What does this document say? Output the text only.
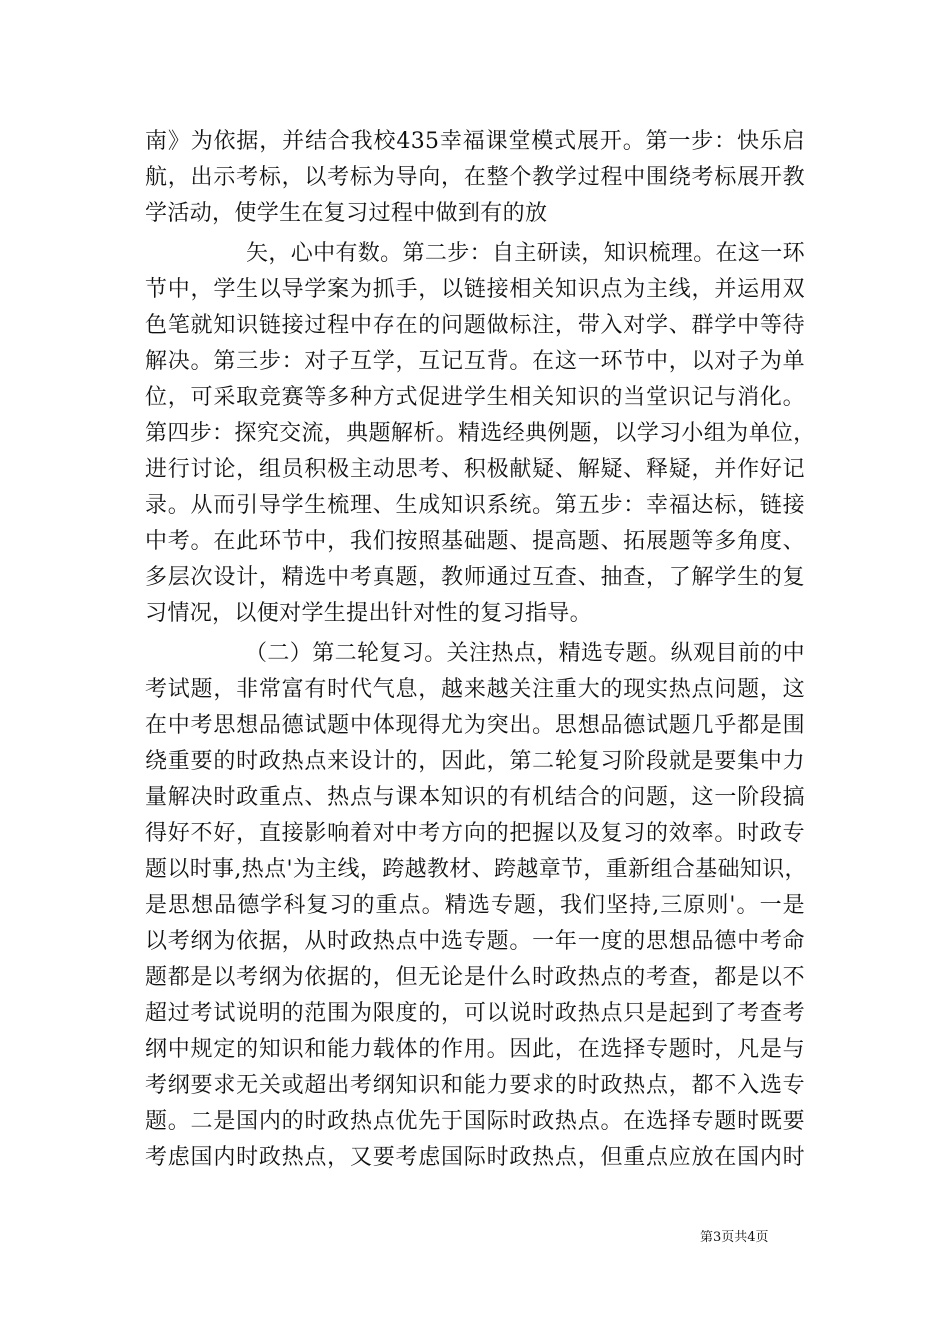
南》为依据，并结合我校435幸福课堂模式展开。第一步：快乐启
航，出示考标，以考标为导向，在整个教学过程中围绕考标展开教
学活动，使学生在复习过程中做到有的放
矢，心中有数。第二步：自主研读，知识梳理。在这一环
节中，学生以导学案为抓手，以链接相关知识点为主线，并运用双
色笔就知识链接过程中存在的问题做标注，带入对学、群学中等待
解决。第三步：对子互学，互记互背。在这一环节中，以对子为单
位，可采取竞赛等多种方式促进学生相关知识的当堂识记与消化。
第四步：探究交流，典题解析。精选经典例题，以学习小组为单位，
进行讨论，组员积极主动思考、积极献疑、解疑、释疑，并作好记
录。从而引导学生梳理、生成知识系统。第五步：幸福达标，链接
中考。在此环节中，我们按照基础题、提高题、拓展题等多角度、
多层次设计，精选中考真题，教师通过互查、抽查，了解学生的复
习情况，以便对学生提出针对性的复习指导。
（二）第二轮复习。关注热点，精选专题。纵观目前的中
考试题，非常富有时代气息，越来越关注重大的现实热点问题，这
在中考思想品德试题中体现得尤为突出。思想品德试题几乎都是围
绕重要的时政热点来设计的，因此，第二轮复习阶段就是要集中力
量解决时政重点、热点与课本知识的有机结合的问题，这一阶段搞
得好不好，直接影响着对中考方向的把握以及复习的效率。时政专
题以时事,热点'为主线，跨越教材、跨越章节，重新组合基础知识，
是思想品德学科复习的重点。精选专题，我们坚持,三原则'。一是
以考纲为依据，从时政热点中选专题。一年一度的思想品德中考命
题都是以考纲为依据的，但无论是什么时政热点的考查，都是以不
超过考试说明的范围为限度的，可以说时政热点只是起到了考查考
纲中规定的知识和能力载体的作用。因此，在选择专题时，凡是与
考纲要求无关或超出考纲知识和能力要求的时政热点，都不入选专
题。二是国内的时政热点优先于国际时政热点。在选择专题时既要
考虑国内时政热点，又要考虑国际时政热点，但重点应放在国内时
第3页共4页
